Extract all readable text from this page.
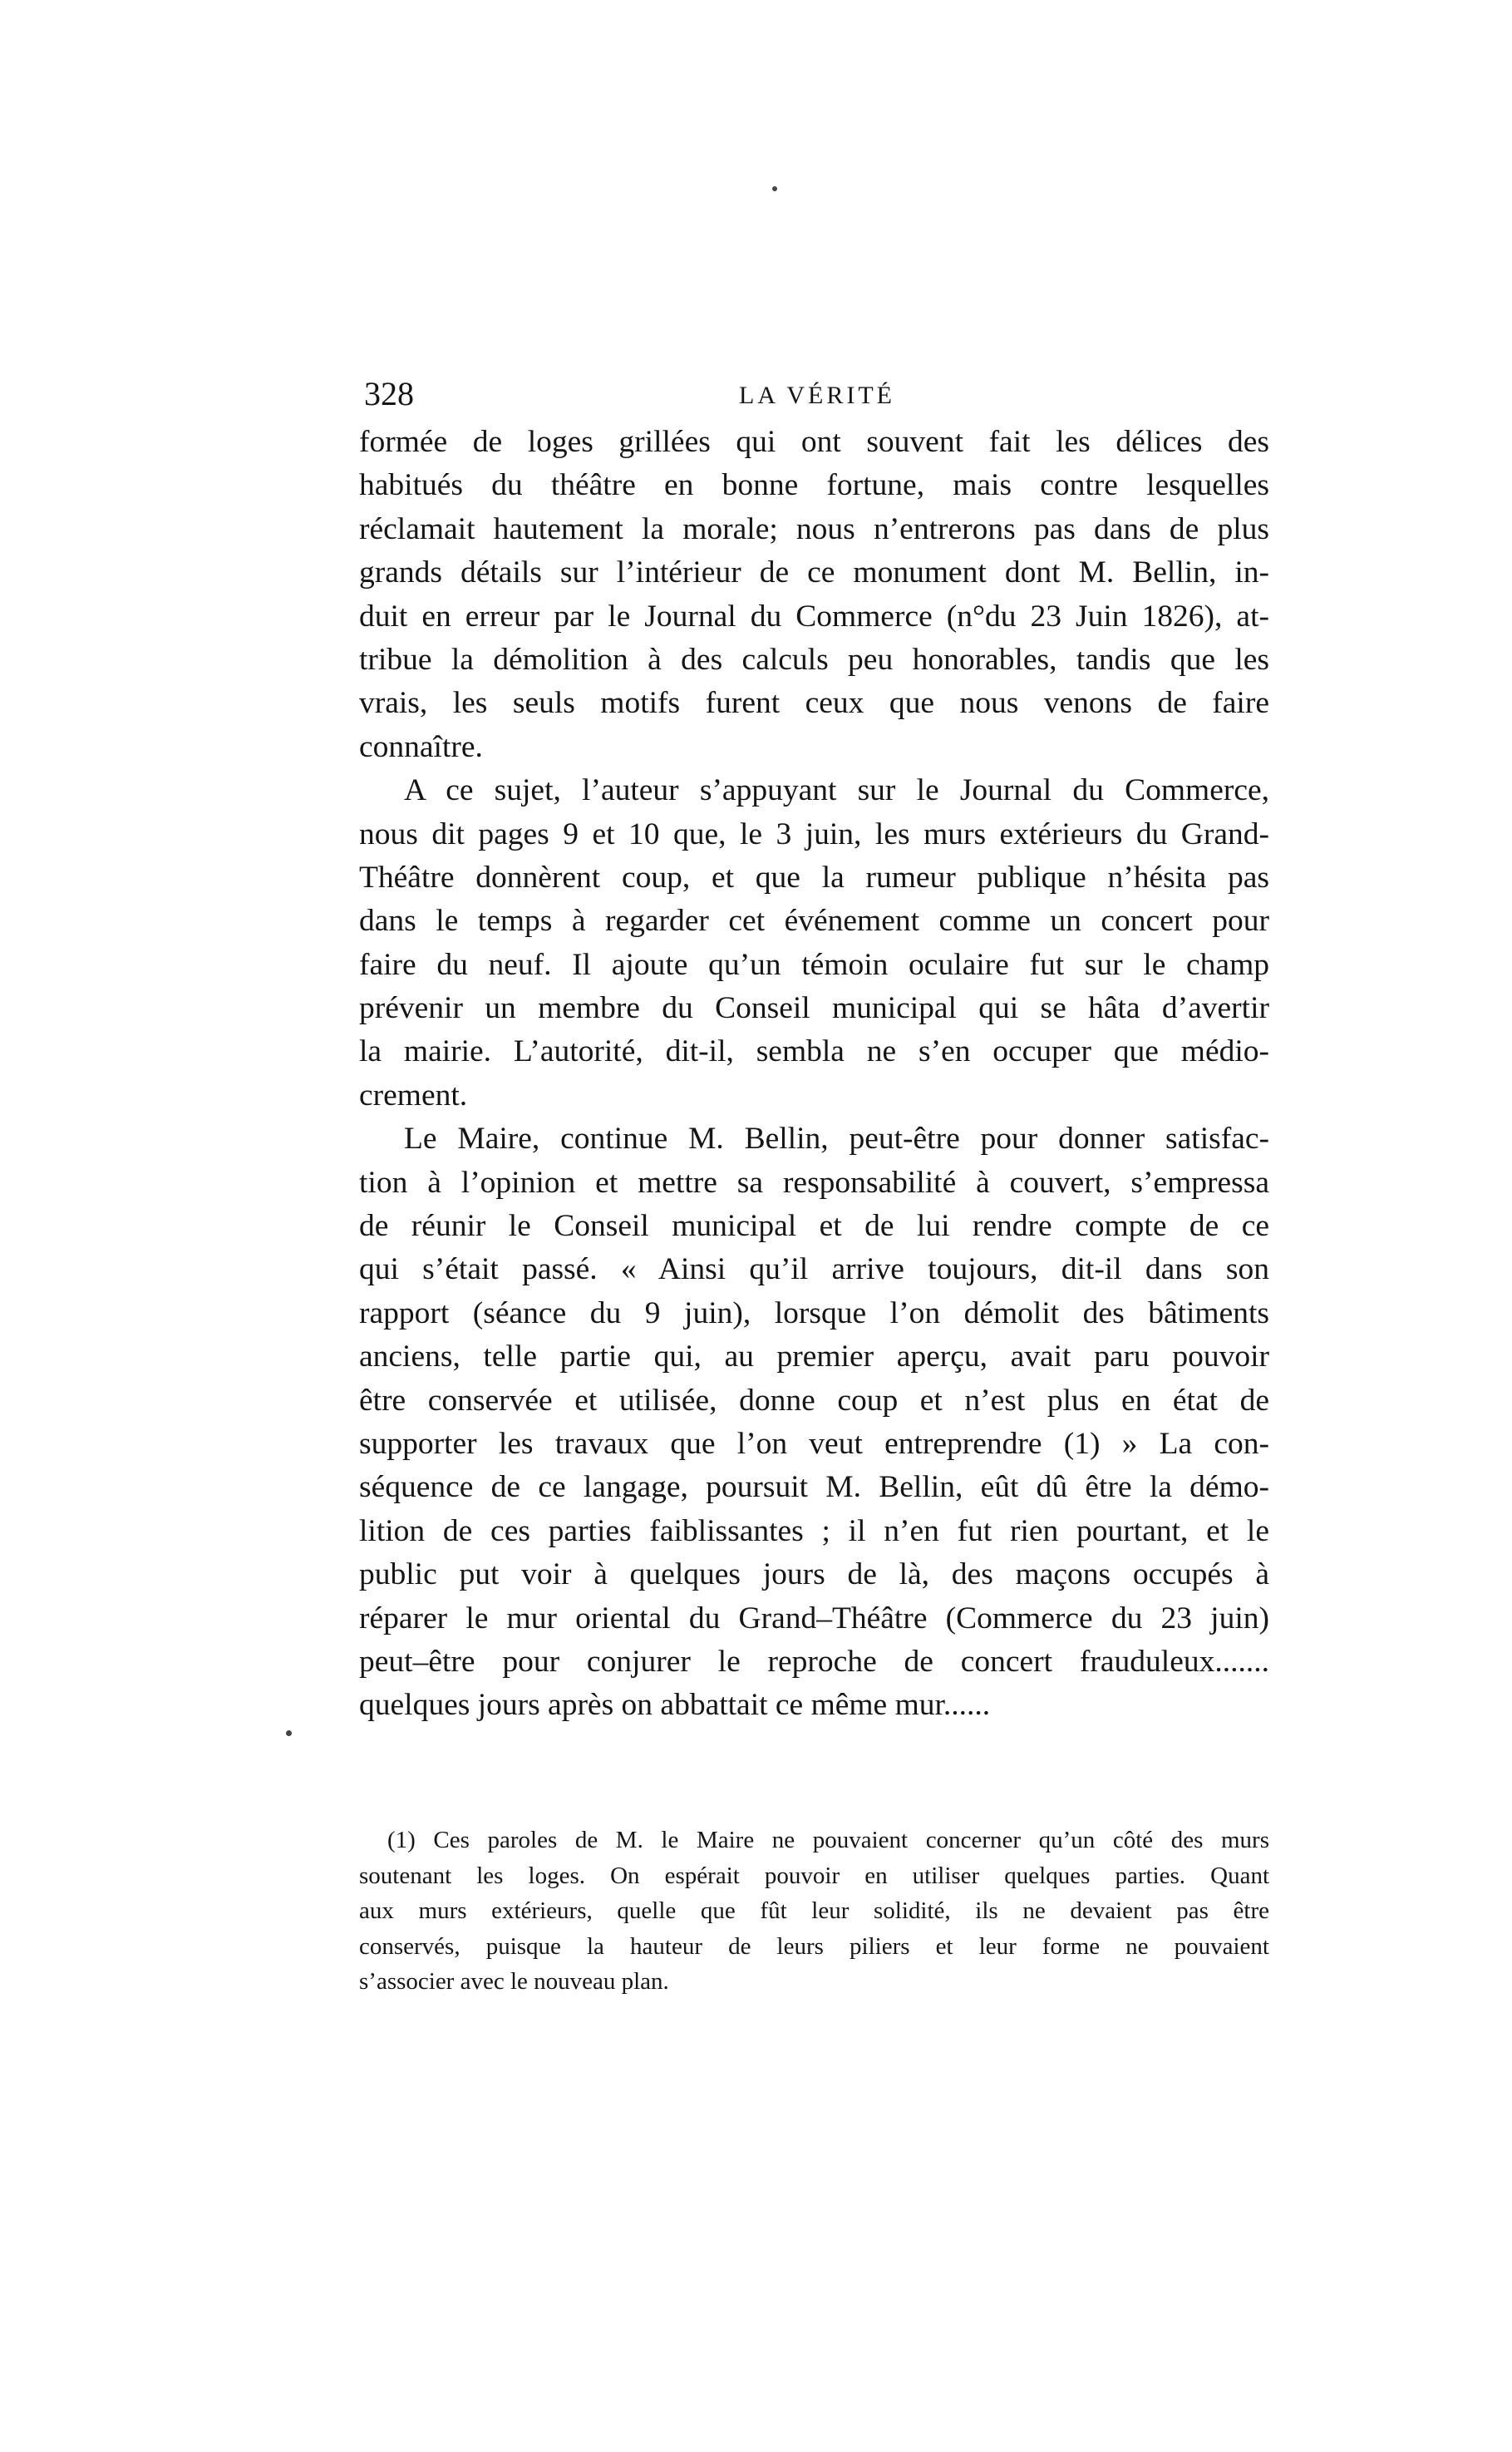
328	LA VÉRITÉ
formée de loges grillées qui ont souvent fait les délices des
habitués du théâtre en bonne fortune, mais contre lesquelles
réclamait hautement la morale; nous n’entrerons pas dans de plus
grands détails sur l’intérieur de ce monument dont M. Bellin, in-
duit en erreur par le Journal du Commerce (n°du 23 Juin 1826), at-
tribue la démolition à des calculs peu honorables, tandis que les
vrais, les seuls motifs furent ceux que nous venons de faire
connaître.
A ce sujet, l’auteur s’appuyant sur le Journal du Commerce,
nous dit pages 9 et 10 que, le 3 juin, les murs extérieurs du Grand-
Théâtre donnèrent coup, et que la rumeur publique n’hésita pas
dans le temps à regarder cet événement comme un concert pour
faire du neuf. Il ajoute qu’un témoin oculaire fut sur le champ
prévenir un membre du Conseil municipal qui se hâta d’avertir
la mairie. L’autorité, dit-il, sembla ne s’en occuper que médio-
crement.
Le Maire, continue M. Bellin, peut-être pour donner satisfac-
tion à l’opinion et mettre sa responsabilité à couvert, s’empressa
de réunir le Conseil municipal et de lui rendre compte de ce
qui s’était passé. « Ainsi qu’il arrive toujours, dit-il dans son
rapport (séance du 9 juin), lorsque l’on démolit des bâtiments
anciens, telle partie qui, au premier aperçu, avait paru pouvoir
être conservée et utilisée, donne coup et n’est plus en état de
supporter les travaux que l’on veut entreprendre (1) » La con-
séquence de ce langage, poursuit M. Bellin, eût dû être la démo-
lition de ces parties faiblissantes ; il n’en fut rien pourtant, et le
public put voir à quelques jours de là, des maçons occupés à
réparer le mur oriental du Grand–Théâtre (Commerce du 23 juin)
peut–être pour conjurer le reproche de concert frauduleux.......
quelques jours après on abbattait ce même mur......
(1) Ces paroles de M. le Maire ne pouvaient concerner qu’un côté des murs
soutenant les loges. On espérait pouvoir en utiliser quelques parties. Quant
aux murs extérieurs, quelle que fût leur solidité, ils ne devaient pas être
conservés, puisque la hauteur de leurs piliers et leur forme ne pouvaient
s’associer avec le nouveau plan.
